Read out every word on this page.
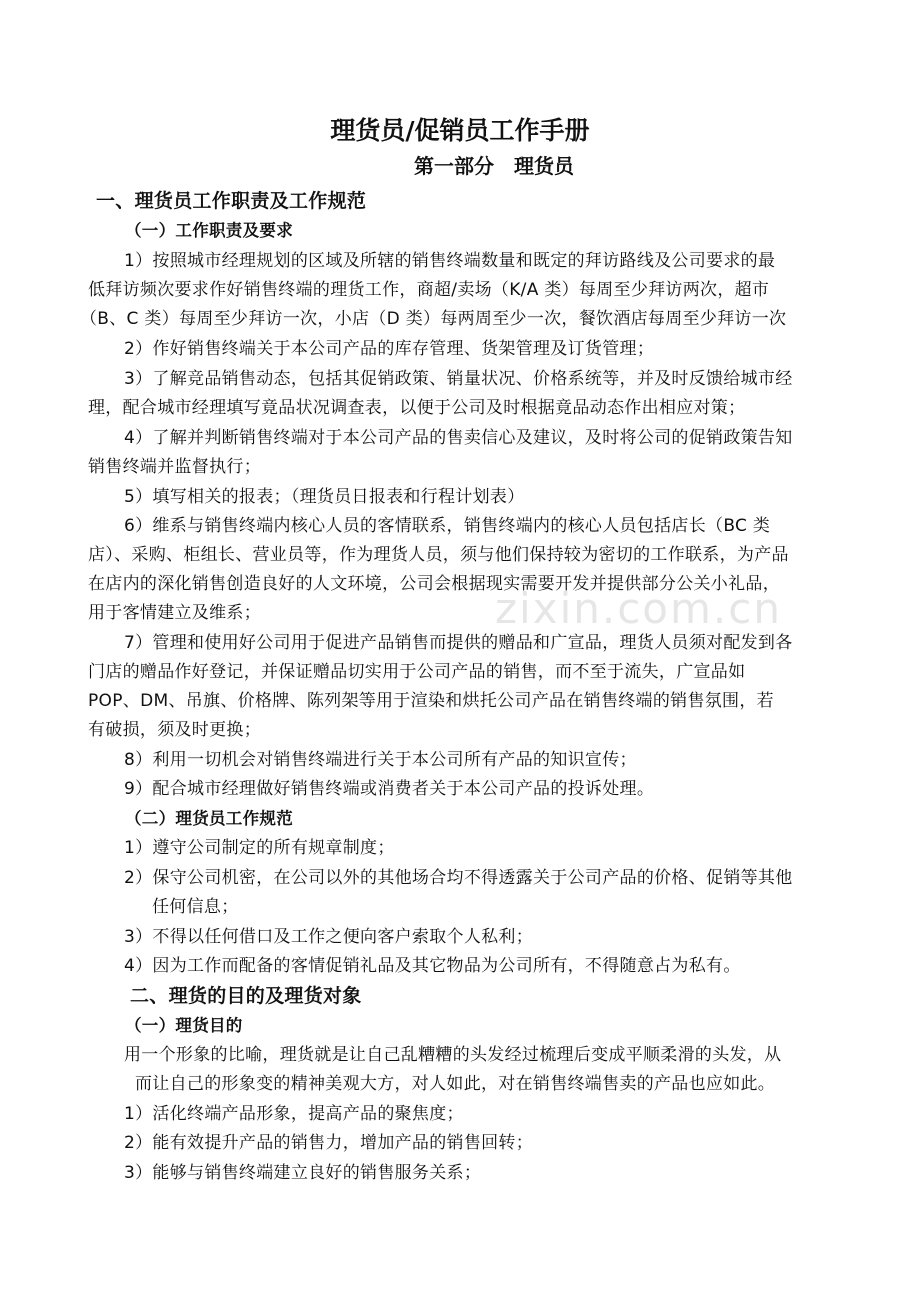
zixin.com.cn
理货员/促销员工作手册
第一部分　理货员
一、理货员工作职责及工作规范
（一）工作职责及要求
1）按照城市经理规划的区域及所辖的销售终端数量和既定的拜访路线及公司要求的最
低拜访频次要求作好销售终端的理货工作，商超/卖场（K/A 类）每周至少拜访两次，超市
（B、C 类）每周至少拜访一次，小店（D 类）每两周至少一次，餐饮酒店每周至少拜访一次
2）作好销售终端关于本公司产品的库存管理、货架管理及订货管理；
3）了解竞品销售动态，包括其促销政策、销量状况、价格系统等，并及时反馈给城市经
理，配合城市经理填写竟品状况调查表，以便于公司及时根据竟品动态作出相应对策；
4）了解并判断销售终端对于本公司产品的售卖信心及建议，及时将公司的促销政策告知
销售终端并监督执行；
5）填写相关的报表；（理货员日报表和行程计划表）
6）维系与销售终端内核心人员的客情联系，销售终端内的核心人员包括店长（BC 类
店）、采购、柜组长、营业员等，作为理货人员，须与他们保持较为密切的工作联系，为产品
在店内的深化销售创造良好的人文环境，公司会根据现实需要开发并提供部分公关小礼品，
用于客情建立及维系；
7）管理和使用好公司用于促进产品销售而提供的赠品和广宣品，理货人员须对配发到各
门店的赠品作好登记，并保证赠品切实用于公司产品的销售，而不至于流失，广宣品如
POP、DM、吊旗、价格牌、陈列架等用于渲染和烘托公司产品在销售终端的销售氛围，若
有破损，须及时更换；
8）利用一切机会对销售终端进行关于本公司所有产品的知识宣传；
9）配合城市经理做好销售终端或消费者关于本公司产品的投诉处理。
（二）理货员工作规范
1）遵守公司制定的所有规章制度；
2）保守公司机密，在公司以外的其他场合均不得透露关于公司产品的价格、促销等其他
任何信息；
3）不得以任何借口及工作之便向客户索取个人私利；
4）因为工作而配备的客情促销礼品及其它物品为公司所有，不得随意占为私有。
二、理货的目的及理货对象
（一）理货目的
用一个形象的比喻，理货就是让自己乱糟糟的头发经过梳理后变成平顺柔滑的头发，从
而让自己的形象变的精神美观大方，对人如此，对在销售终端售卖的产品也应如此。
1）活化终端产品形象，提高产品的聚焦度；
2）能有效提升产品的销售力，增加产品的销售回转；
3）能够与销售终端建立良好的销售服务关系；
